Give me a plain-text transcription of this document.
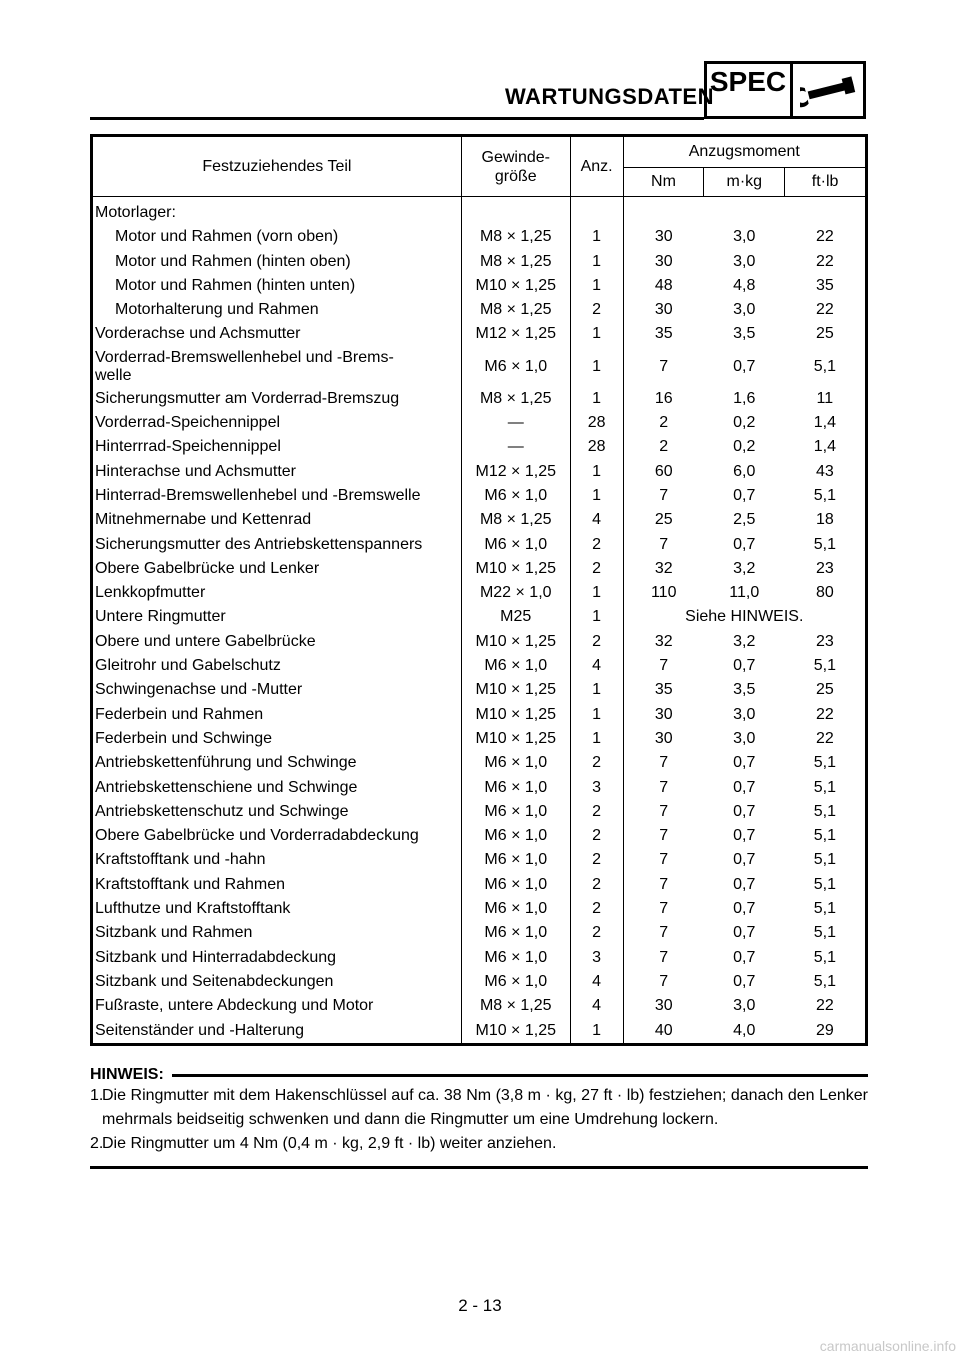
WARTUNGSDATEN
SPEC
Festzuziehendes Teil	Gewinde-
größe	Anz.	Anzugsmoment		
			Nm	m·kg	ft·lb
Motorlager:					
Motor und Rahmen (vorn oben)	M8 × 1,25	1	30	3,0	22
Motor und Rahmen (hinten oben)	M8 × 1,25	1	30	3,0	22
Motor und Rahmen (hinten unten)	M10 × 1,25	1	48	4,8	35
Motorhalterung und Rahmen	M8 × 1,25	2	30	3,0	22
Vorderachse und Achsmutter	M12 × 1,25	1	35	3,5	25
Vorderrad-Bremswellenhebel und -Brems-
welle	M6 × 1,0	1	7	0,7	5,1
Sicherungsmutter am Vorderrad-Bremszug	M8 × 1,25	1	16	1,6	11
Vorderrad-Speichennippel	—	28	2	0,2	1,4
Hinterrrad-Speichennippel	—	28	2	0,2	1,4
Hinterachse und Achsmutter	M12 × 1,25	1	60	6,0	43
Hinterrad-Bremswellenhebel und -Bremswelle	M6 × 1,0	1	7	0,7	5,1
Mitnehmernabe und Kettenrad	M8 × 1,25	4	25	2,5	18
Sicherungsmutter des Antriebskettenspanners	M6 × 1,0	2	7	0,7	5,1
Obere Gabelbrücke und Lenker	M10 × 1,25	2	32	3,2	23
Lenkkopfmutter	M22 × 1,0	1	110	11,0	80
Untere Ringmutter	M25	1	Siehe HINWEIS.		
Obere und untere Gabelbrücke	M10 × 1,25	2	32	3,2	23
Gleitrohr und Gabelschutz	M6 × 1,0	4	7	0,7	5,1
Schwingenachse und -Mutter	M10 × 1,25	1	35	3,5	25
Federbein und Rahmen	M10 × 1,25	1	30	3,0	22
Federbein und Schwinge	M10 × 1,25	1	30	3,0	22
Antriebskettenführung und Schwinge	M6 × 1,0	2	7	0,7	5,1
Antriebskettenschiene und Schwinge	M6 × 1,0	3	7	0,7	5,1
Antriebskettenschutz und Schwinge	M6 × 1,0	2	7	0,7	5,1
Obere Gabelbrücke und Vorderradabdeckung	M6 × 1,0	2	7	0,7	5,1
Kraftstofftank und -hahn	M6 × 1,0	2	7	0,7	5,1
Kraftstofftank und Rahmen	M6 × 1,0	2	7	0,7	5,1
Lufthutze und Kraftstofftank	M6 × 1,0	2	7	0,7	5,1
Sitzbank und Rahmen	M6 × 1,0	2	7	0,7	5,1
Sitzbank und Hinterradabdeckung	M6 × 1,0	3	7	0,7	5,1
Sitzbank und Seitenabdeckungen	M6 × 1,0	4	7	0,7	5,1
Fußraste, untere Abdeckung und Motor	M8 × 1,25	4	30	3,0	22
Seitenständer und -Halterung	M10 × 1,25	1	40	4,0	29
HINWEIS:
1.
Die Ringmutter mit dem Hakenschlüssel auf ca. 38 Nm (3,8 m · kg, 27 ft · lb) festziehen; danach den Lenker mehrmals beidseitig schwenken und dann die Ringmutter um eine Umdrehung lockern.
2.
Die Ringmutter um 4 Nm (0,4 m · kg, 2,9 ft · lb) weiter anziehen.
2 - 13
carmanualsonline.info
